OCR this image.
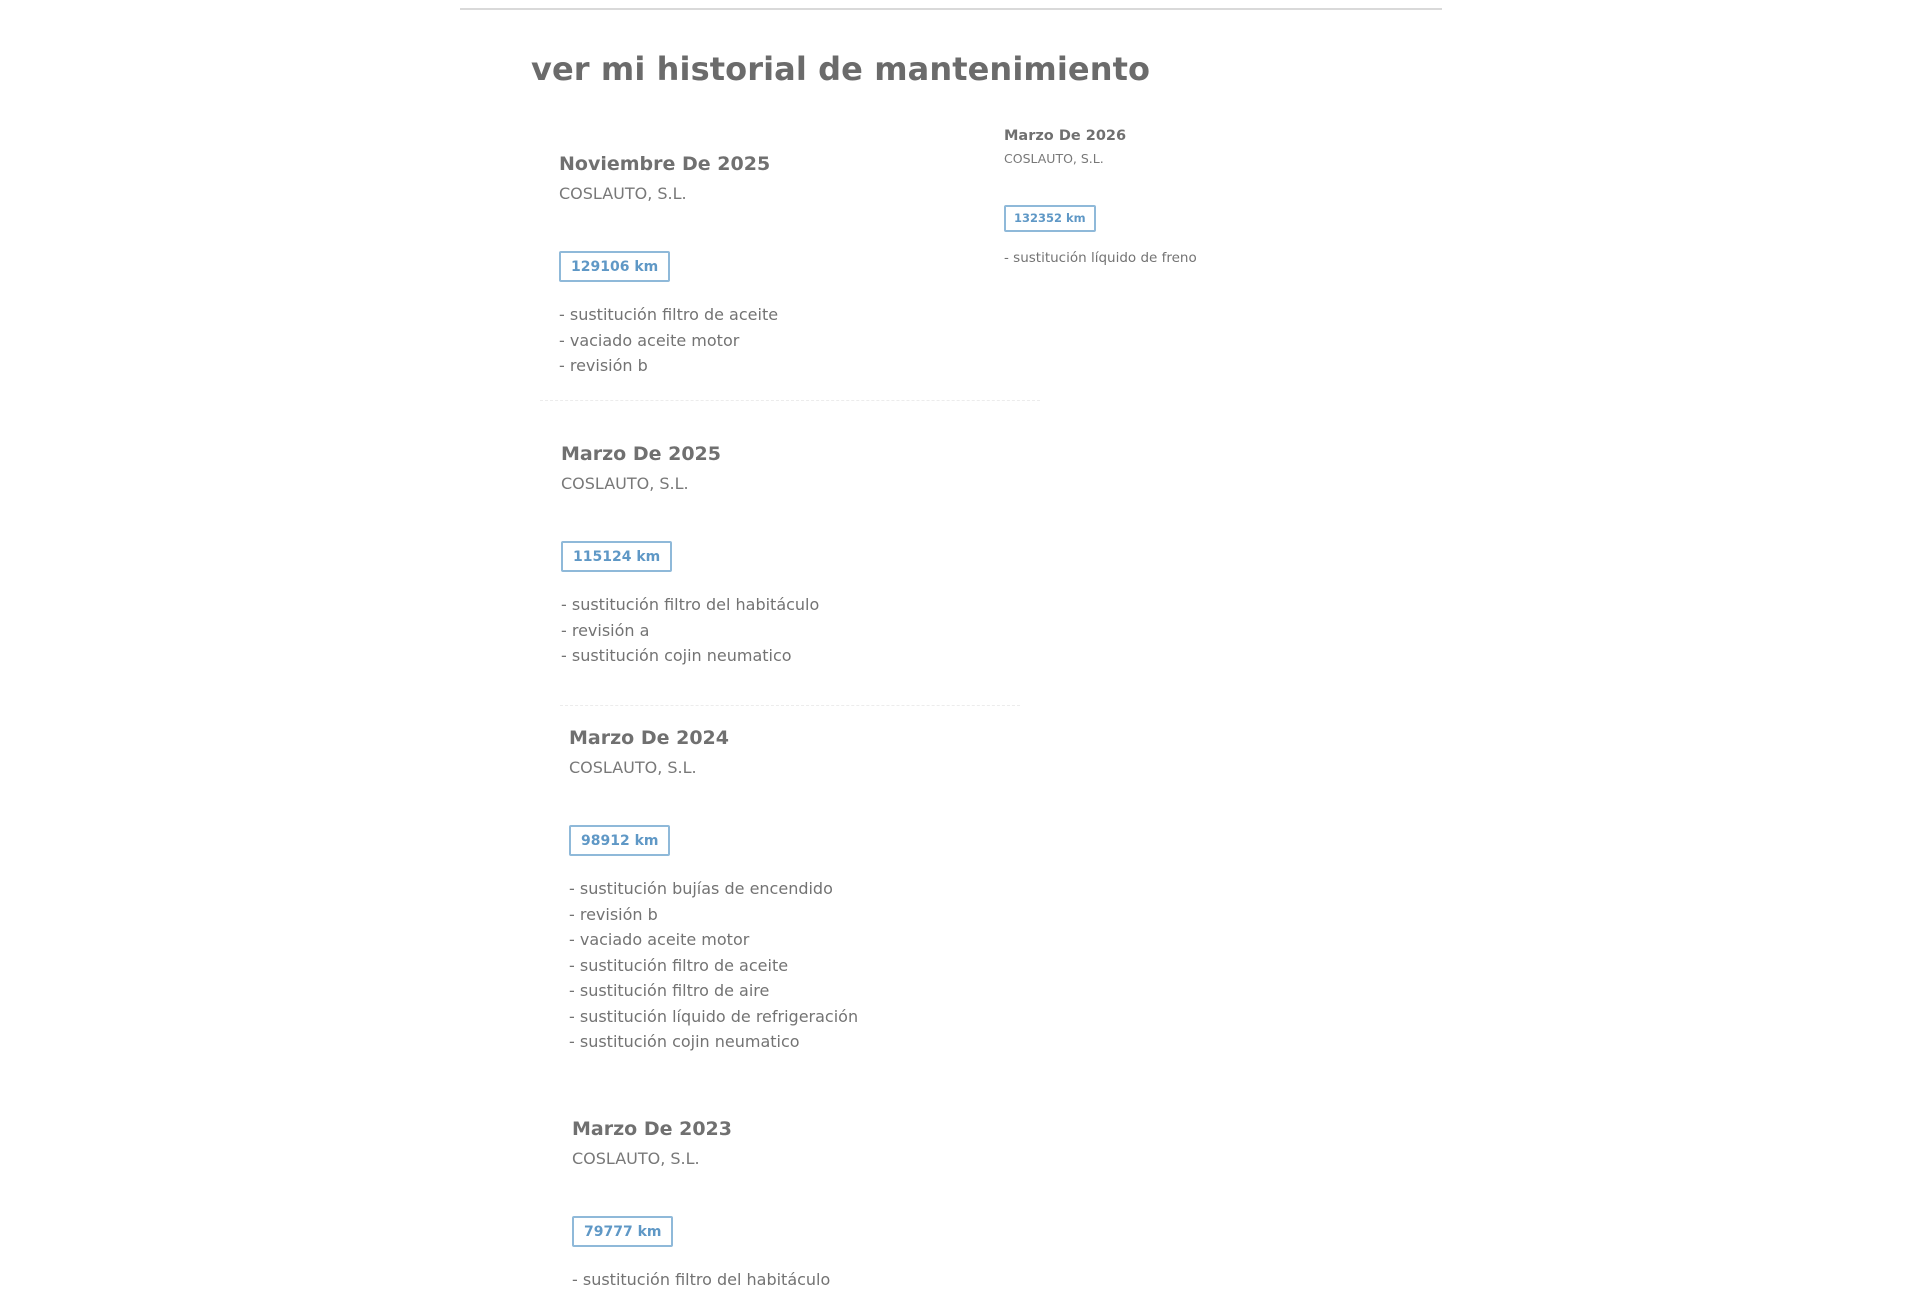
ver mi historial de mantenimiento

Noviembre De 2025

COSLAUTO, S.L.

129106 km
- sustitución filtro de aceite
- vaciado aceite motor
- revisión b

Marzo De 2026

COSLAUTO, S.L.

132352 km
- sustitución líquido de freno

Marzo De 2025

COSLAUTO, S.L.

115124 km
- sustitución filtro del habitáculo
- revisión a
- sustitución cojin neumatico

Marzo De 2024

COSLAUTO, S.L.

98912 km
- sustitución bujías de encendido
- revisión b
- vaciado aceite motor
- sustitución filtro de aceite
- sustitución filtro de aire
- sustitución líquido de refrigeración
- sustitución cojin neumatico

Marzo De 2023

COSLAUTO, S.L.

79777 km
- sustitución filtro del habitáculo
